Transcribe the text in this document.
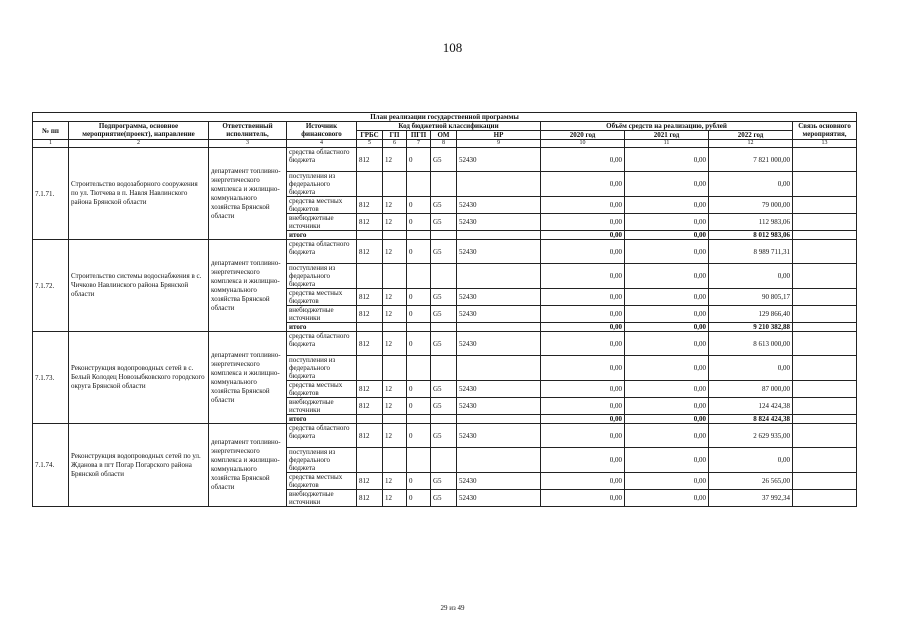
108
План реализации государственной программы												
№ пп	Подпрограмма, основное мероприятие(проект), направление	Ответственный исполнитель,	Источник финансового	Код бюджетной классификации					Объём средств на реализацию, рублей			Связь основного мероприятия,
				ГРБС	ГП	ПГП	ОМ	НР	2020 год	2021 год	2022 год	
1	2	3	4	5	6	7	8	9	10	11	12	13
7.1.71.	Строительство водозаборного сооружения по ул. Тютчева в п. Навля Навлинского района Брянской области	департамент топливно-энергетического комплекса и жилищно-коммунального хозяйства Брянской области	средства областного бюджета	812	12	0	G5	52430	0,00	0,00	7 821 000,00	
			поступления из федерального бюджета						0,00	0,00	0,00	
			средства местных бюджетов	812	12	0	G5	52430	0,00	0,00	79 000,00	
			внебюджетные источники	812	12	0	G5	52430	0,00	0,00	112 983,06	
			итого						0,00	0,00	8 012 983,06	
7.1.72.	Строительство системы водоснабжения в с. Чичково Навлинского района Брянской области	департамент топливно-энергетического комплекса и жилищно-коммунального хозяйства Брянской области	средства областного бюджета	812	12	0	G5	52430	0,00	0,00	8 989 711,31	
			поступления из федерального бюджета						0,00	0,00	0,00	
			средства местных бюджетов	812	12	0	G5	52430	0,00	0,00	90 805,17	
			внебюджетные источники	812	12	0	G5	52430	0,00	0,00	129 866,40	
			итого						0,00	0,00	9 210 382,88	
7.1.73.	Реконструкция водопроводных сетей в с. Белый Колодец Новозыбковского городского округа Брянской области	департамент топливно-энергетического комплекса и жилищно-коммунального хозяйства Брянской области	средства областного бюджета	812	12	0	G5	52430	0,00	0,00	8 613 000,00	
			поступления из федерального бюджета						0,00	0,00	0,00	
			средства местных бюджетов	812	12	0	G5	52430	0,00	0,00	87 000,00	
			внебюджетные источники	812	12	0	G5	52430	0,00	0,00	124 424,38	
			итого						0,00	0,00	8 824 424,38	
7.1.74.	Реконструкция водопроводных сетей по ул. Жданова в пгт Погар Погарского района Брянской области	департамент топливно-энергетического комплекса и жилищно-коммунального хозяйства Брянской области	средства областного бюджета	812	12	0	G5	52430	0,00	0,00	2 629 935,00	
			поступления из федерального бюджета						0,00	0,00	0,00	
			средства местных бюджетов	812	12	0	G5	52430	0,00	0,00	26 565,00	
			внебюджетные источники	812	12	0	G5	52430	0,00	0,00	37 992,34	
29 из 49
